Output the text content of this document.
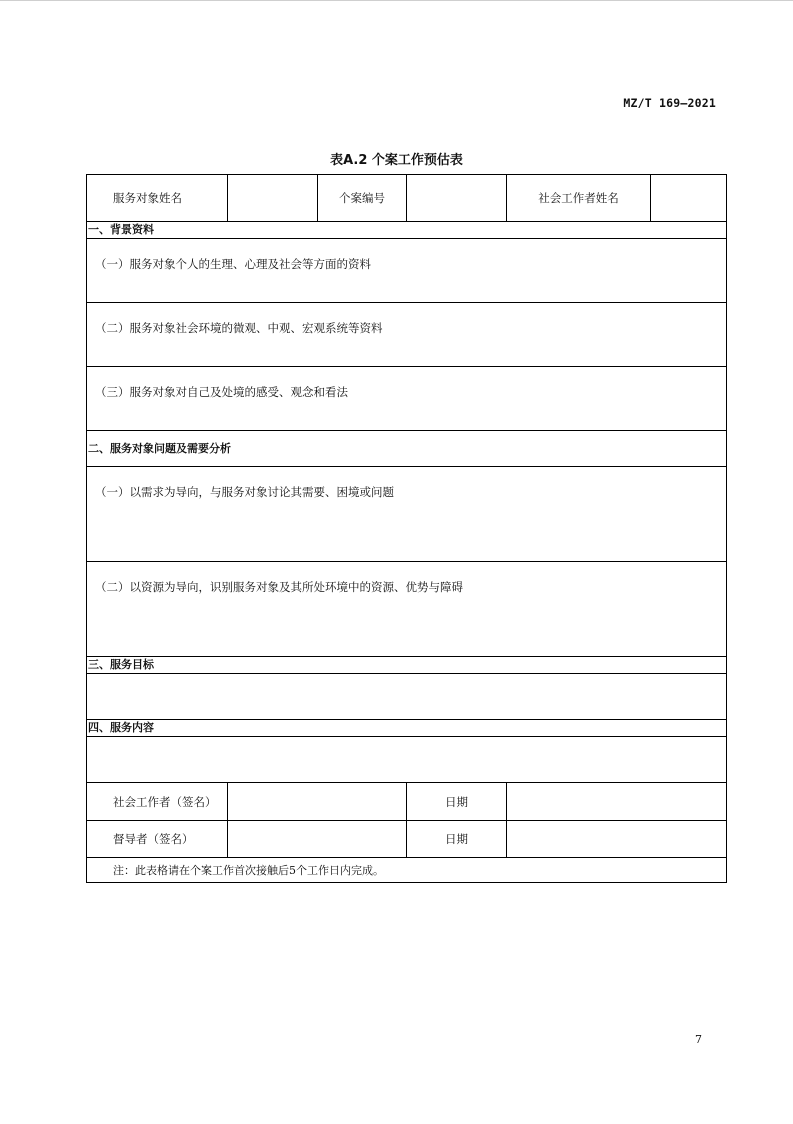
MZ/T 169—2021
表A.2 个案工作预估表
服务对象姓名		个案编号		社会工作者姓名	
一、背景资料					
（一）服务对象个人的生理、心理及社会等方面的资料					
（二）服务对象社会环境的微观、中观、宏观系统等资料					
（三）服务对象对自己及处境的感受、观念和看法					
二、服务对象问题及需要分析					
（一）以需求为导向，与服务对象讨论其需要、困境或问题					
（二）以资源为导向，识别服务对象及其所处环境中的资源、优势与障碍					
三、服务目标					

四、服务内容					

社会工作者（签名）			日期		
督导者（签名）			日期		
注：此表格请在个案工作首次接触后5个工作日内完成。					
7
